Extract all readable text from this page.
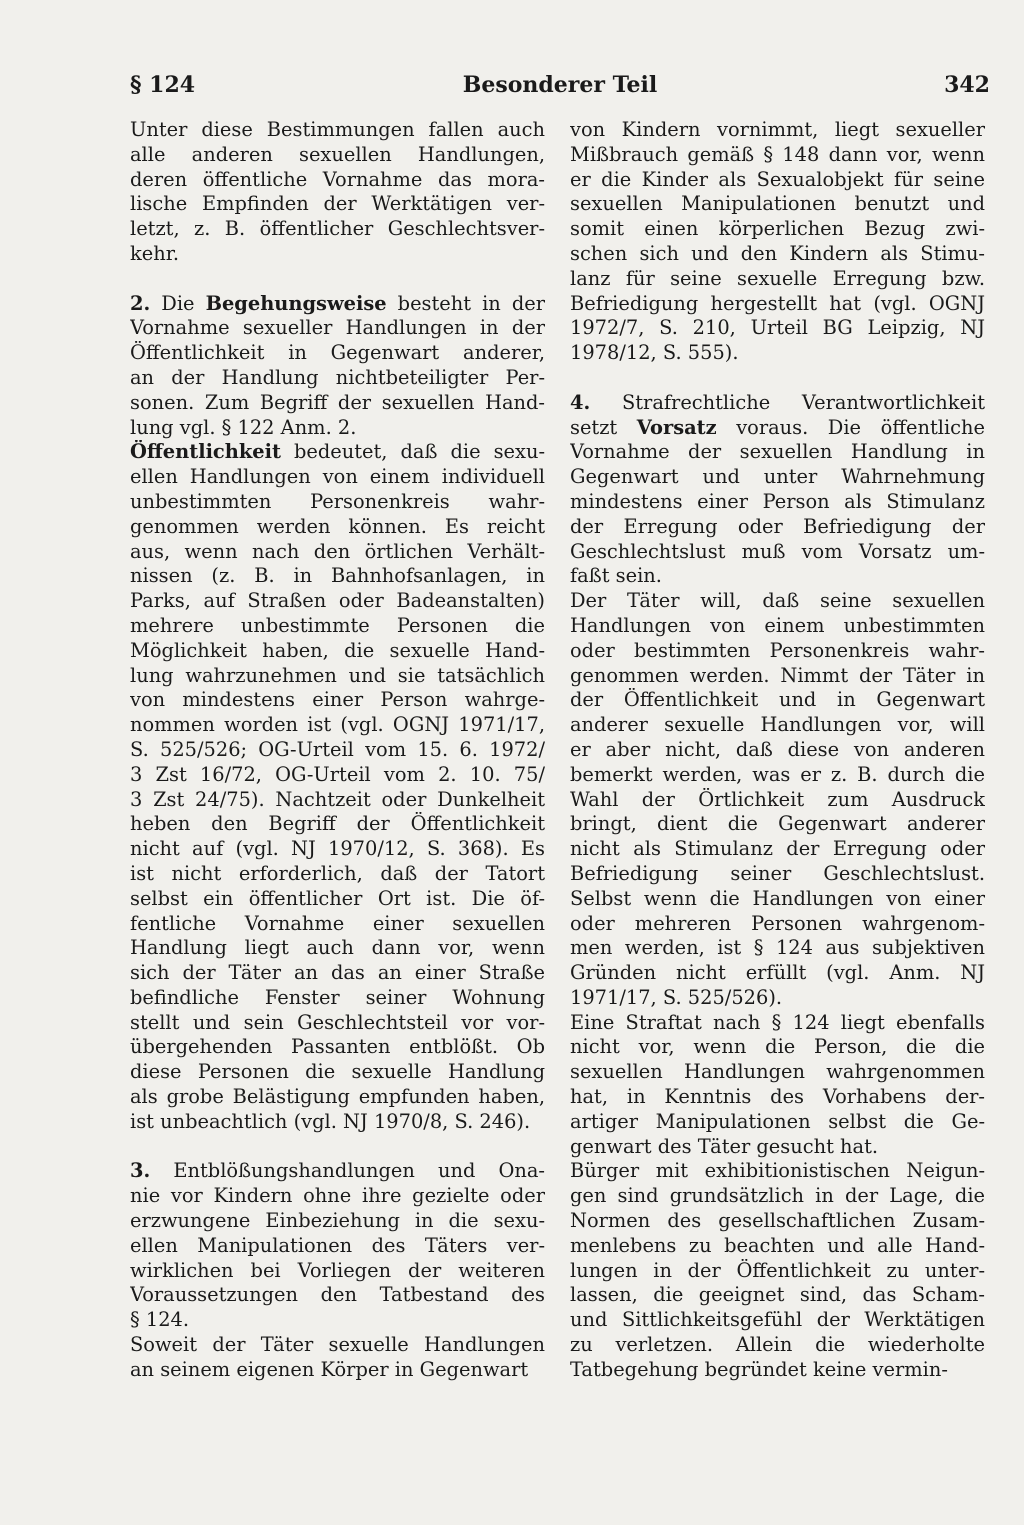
§ 124	Besonderer Teil	342
Unter diese Bestimmungen fallen auch
alle anderen sexuellen Handlungen,
deren öffentliche Vornahme das mora-
lische Empfinden der Werktätigen ver-
letzt, z. B. öffentlicher Geschlechtsver-
kehr.
2. Die Begehungsweise besteht in der
Vornahme sexueller Handlungen in der
Öffentlichkeit in Gegenwart anderer,
an der Handlung nichtbeteiligter Per-
sonen. Zum Begriff der sexuellen Hand-
lung vgl. § 122 Anm. 2.
Öffentlichkeit bedeutet, daß die sexu-
ellen Handlungen von einem individuell
unbestimmten Personenkreis wahr-
genommen werden können. Es reicht
aus, wenn nach den örtlichen Verhält-
nissen (z. B. in Bahnhofsanlagen, in
Parks, auf Straßen oder Badeanstalten)
mehrere unbestimmte Personen die
Möglichkeit haben, die sexuelle Hand-
lung wahrzunehmen und sie tatsächlich
von mindestens einer Person wahrge-
nommen worden ist (vgl. OGNJ 1971/17,
S. 525/526; OG-Urteil vom 15. 6. 1972/
3 Zst 16/72, OG-Urteil vom 2. 10. 75/
3 Zst 24/75). Nachtzeit oder Dunkelheit
heben den Begriff der Öffentlichkeit
nicht auf (vgl. NJ 1970/12, S. 368). Es
ist nicht erforderlich, daß der Tatort
selbst ein öffentlicher Ort ist. Die öf-
fentliche Vornahme einer sexuellen
Handlung liegt auch dann vor, wenn
sich der Täter an das an einer Straße
befindliche Fenster seiner Wohnung
stellt und sein Geschlechtsteil vor vor-
übergehenden Passanten entblößt. Ob
diese Personen die sexuelle Handlung
als grobe Belästigung empfunden haben,
ist unbeachtlich (vgl. NJ 1970/8, S. 246).
3. Entblößungshandlungen und Ona-
nie vor Kindern ohne ihre gezielte oder
erzwungene Einbeziehung in die sexu-
ellen Manipulationen des Täters ver-
wirklichen bei Vorliegen der weiteren
Voraussetzungen den Tatbestand des
§ 124.
Soweit der Täter sexuelle Handlungen
an seinem eigenen Körper in Gegenwart
von Kindern vornimmt, liegt sexueller
Mißbrauch gemäß § 148 dann vor, wenn
er die Kinder als Sexualobjekt für seine
sexuellen Manipulationen benutzt und
somit einen körperlichen Bezug zwi-
schen sich und den Kindern als Stimu-
lanz für seine sexuelle Erregung bzw.
Befriedigung hergestellt hat (vgl. OGNJ
1972/7, S. 210, Urteil BG Leipzig, NJ
1978/12, S. 555).
4. Strafrechtliche Verantwortlichkeit
setzt Vorsatz voraus. Die öffentliche
Vornahme der sexuellen Handlung in
Gegenwart und unter Wahrnehmung
mindestens einer Person als Stimulanz
der Erregung oder Befriedigung der
Geschlechtslust muß vom Vorsatz um-
faßt sein.
Der Täter will, daß seine sexuellen
Handlungen von einem unbestimmten
oder bestimmten Personenkreis wahr-
genommen werden. Nimmt der Täter in
der Öffentlichkeit und in Gegenwart
anderer sexuelle Handlungen vor, will
er aber nicht, daß diese von anderen
bemerkt werden, was er z. B. durch die
Wahl der Örtlichkeit zum Ausdruck
bringt, dient die Gegenwart anderer
nicht als Stimulanz der Erregung oder
Befriedigung seiner Geschlechtslust.
Selbst wenn die Handlungen von einer
oder mehreren Personen wahrgenom-
men werden, ist § 124 aus subjektiven
Gründen nicht erfüllt (vgl. Anm. NJ
1971/17, S. 525/526).
Eine Straftat nach § 124 liegt ebenfalls
nicht vor, wenn die Person, die die
sexuellen Handlungen wahrgenommen
hat, in Kenntnis des Vorhabens der-
artiger Manipulationen selbst die Ge-
genwart des Täter gesucht hat.
Bürger mit exhibitionistischen Neigun-
gen sind grundsätzlich in der Lage, die
Normen des gesellschaftlichen Zusam-
menlebens zu beachten und alle Hand-
lungen in der Öffentlichkeit zu unter-
lassen, die geeignet sind, das Scham-
und Sittlichkeitsgefühl der Werktätigen
zu verletzen. Allein die wiederholte
Tatbegehung begründet keine vermin-
